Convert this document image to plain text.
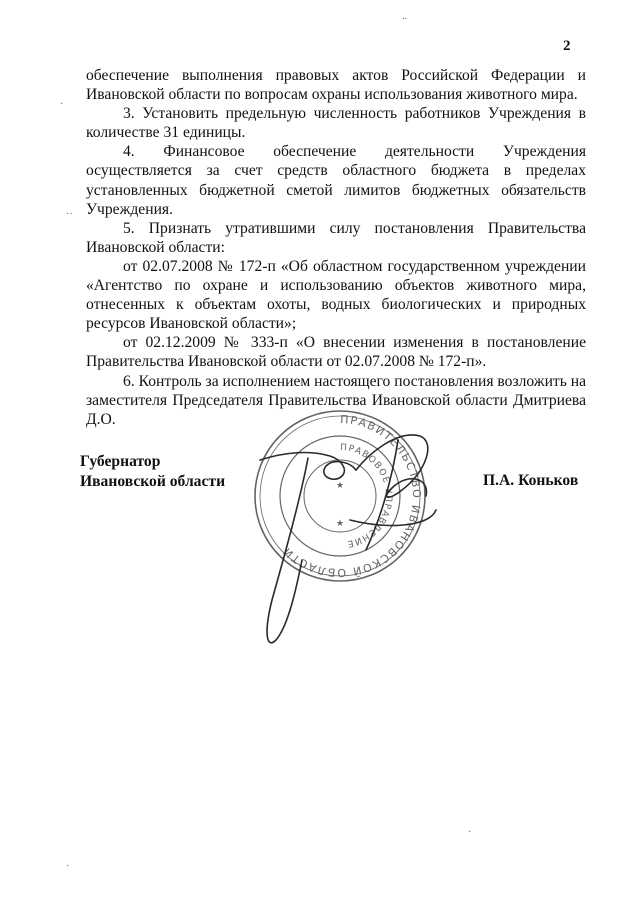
2

обеспечение выполнения правовых актов Российской Федерации и Ивановской области по вопросам охраны использования животного мира.

3. Установить предельную численность работников Учреждения в количестве 31 единицы.

4. Финансовое обеспечение деятельности Учреждения осуществляется за счет средств областного бюджета в пределах установленных бюджетной сметой лимитов бюджетных обязательств Учреждения.

5. Признать утратившими силу постановления Правительства Ивановской области:

от 02.07.2008 № 172-п «Об областном государственном учреждении «Агентство по охране и использованию объектов животного мира, отнесенных к объектам охоты, водных биологических и природных ресурсов Ивановской области»;

от 02.12.2009 № 333-п «О внесении изменения в постановление Правительства Ивановской области от 02.07.2008 № 172-п».

6. Контроль за исполнением настоящего постановления возложить на заместителя Председателя Правительства Ивановской области Дмитриева Д.О.

Губернатор
Ивановской области	П.А. Коньков
ПРАВИТЕЛЬСТВО ИВАНОВСКОЙ ОБЛАСТИ
ПРАВОВОЕ УПРАВЛЕНИЕ
★
★
..
·
··
·
·
